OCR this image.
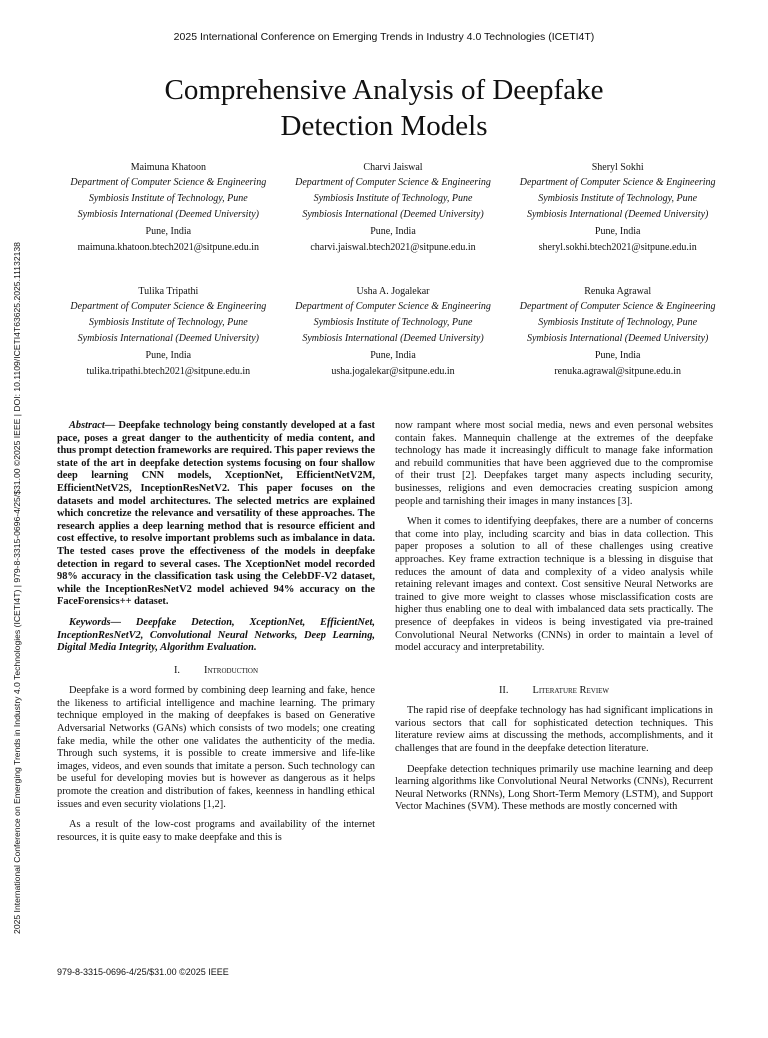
2025 International Conference on Emerging Trends in Industry 4.0 Technologies (ICETI4T)
2025 International Conference on Emerging Trends in Industry 4.0 Technologies (ICETI4T) | 979-8-3315-0696-4/25/$31.00 ©2025 IEEE | DOI: 10.1109/ICETI4T63625.2025.11132138
Comprehensive Analysis of Deepfake
Detection Models
Maimuna Khatoon
Department of Computer Science & Engineering
Symbiosis Institute of Technology, Pune
Symbiosis International (Deemed University)
Pune, India
maimuna.khatoon.btech2021@sitpune.edu.in
Charvi Jaiswal
Department of Computer Science & Engineering
Symbiosis Institute of Technology, Pune
Symbiosis International (Deemed University)
Pune, India
charvi.jaiswal.btech2021@sitpune.edu.in
Sheryl Sokhi
Department of Computer Science & Engineering
Symbiosis Institute of Technology, Pune
Symbiosis International (Deemed University)
Pune, India
sheryl.sokhi.btech2021@sitpune.edu.in
Tulika Tripathi
Department of Computer Science & Engineering
Symbiosis Institute of Technology, Pune
Symbiosis International (Deemed University)
Pune, India
tulika.tripathi.btech2021@sitpune.edu.in
Usha A. Jogalekar
Department of Computer Science & Engineering
Symbiosis Institute of Technology, Pune
Symbiosis International (Deemed University)
Pune, India
usha.jogalekar@sitpune.edu.in
Renuka Agrawal
Department of Computer Science & Engineering
Symbiosis Institute of Technology, Pune
Symbiosis International (Deemed University)
Pune, India
renuka.agrawal@sitpune.edu.in

Abstract— Deepfake technology being constantly developed at a fast pace, poses a great danger to the authenticity of media content, and thus prompt detection frameworks are required. This paper reviews the state of the art in deepfake detection systems focusing on four shallow deep learning CNN models, XceptionNet, EfficientNetV2M, EfficientNetV2S, InceptionResNetV2. This paper focuses on the datasets and model architectures. The selected metrics are explained which concretize the relevance and versatility of these approaches. The research applies a deep learning method that is resource efficient and cost effective, to resolve important problems such as imbalance in data. The tested cases prove the effectiveness of the models in deepfake detection in regard to several cases. The XceptionNet model recorded 98% accuracy in the classification task using the CelebDF-V2 dataset, while the InceptionResNetV2 model achieved 94% accuracy on the FaceForensics++ dataset.

Keywords— Deepfake Detection, XceptionNet, EfficientNet, InceptionResNetV2, Convolutional Neural Networks, Deep Learning, Digital Media Integrity, Algorithm Evaluation.

I. Introduction

Deepfake is a word formed by combining deep learning and fake, hence the likeness to artificial intelligence and machine learning. The primary technique employed in the making of deepfakes is based on Generative Adversarial Networks (GANs) which consists of two models; one creating fake media, while the other one validates the authenticity of the media. Through such systems, it is possible to create immersive and life-like images, videos, and even sounds that imitate a person. Such technology can be useful for developing movies but is however as dangerous as it helps promote the creation and distribution of fakes, keenness in handling ethical issues and even security violations [1,2].

As a result of the low-cost programs and availability of the internet resources, it is quite easy to make deepfake and this is

now rampant where most social media, news and even personal websites contain fakes. Mannequin challenge at the extremes of the deepfake technology has made it increasingly difficult to manage fake information and rebuild communities that have been aggrieved due to the compromise of their trust [2]. Deepfakes target many aspects including security, businesses, religions and even democracies creating suspicion among people and tarnishing their images in many instances [3].

When it comes to identifying deepfakes, there are a number of concerns that come into play, including scarcity and bias in data collection. This paper proposes a solution to all of these challenges using creative approaches. Key frame extraction technique is a blessing in disguise that reduces the amount of data and complexity of a video analysis while retaining relevant images and context. Cost sensitive Neural Networks are trained to give more weight to classes whose misclassification costs are higher thus enabling one to deal with imbalanced data sets practically. The presence of deepfakes in videos is being investigated via pre-trained Convolutional Neural Networks (CNNs) in order to maintain a level of model accuracy and interpretability.

II. Literature Review

The rapid rise of deepfake technology has had significant implications in various sectors that call for sophisticated detection techniques. This literature review aims at discussing the methods, accomplishments, and it challenges that are found in the deepfake detection literature.

Deepfake detection techniques primarily use machine learning and deep learning algorithms like Convolutional Neural Networks (CNNs), Recurrent Neural Networks (RNNs), Long Short-Term Memory (LSTM), and Support Vector Machines (SVM). These methods are mostly concerned with

979-8-3315-0696-4/25/$31.00 ©2025 IEEE
